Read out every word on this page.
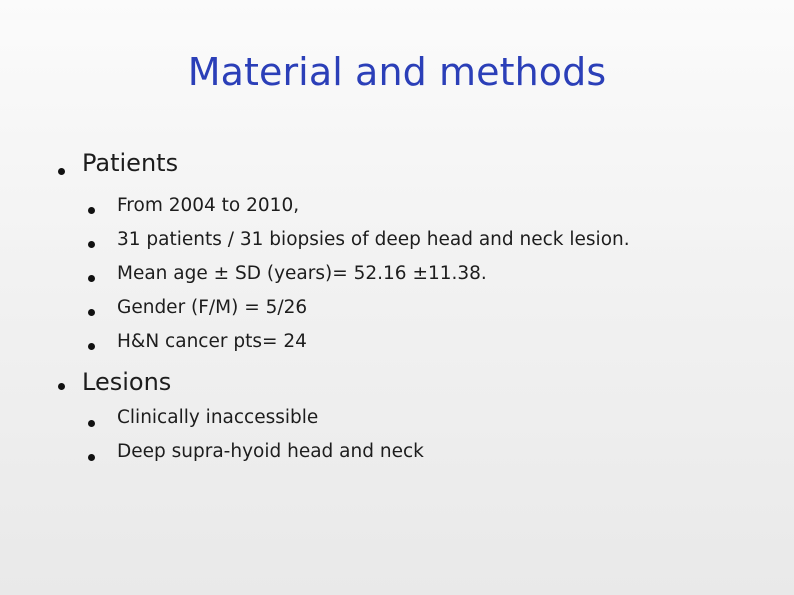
Material and methods
Patients
From 2004 to 2010,
31 patients / 31 biopsies of deep head and neck lesion.
Mean age ± SD (years)= 52.16 ±11.38.
Gender (F/M) = 5/26
H&N cancer pts= 24
Lesions
Clinically inaccessible
Deep supra-hyoid head and neck
